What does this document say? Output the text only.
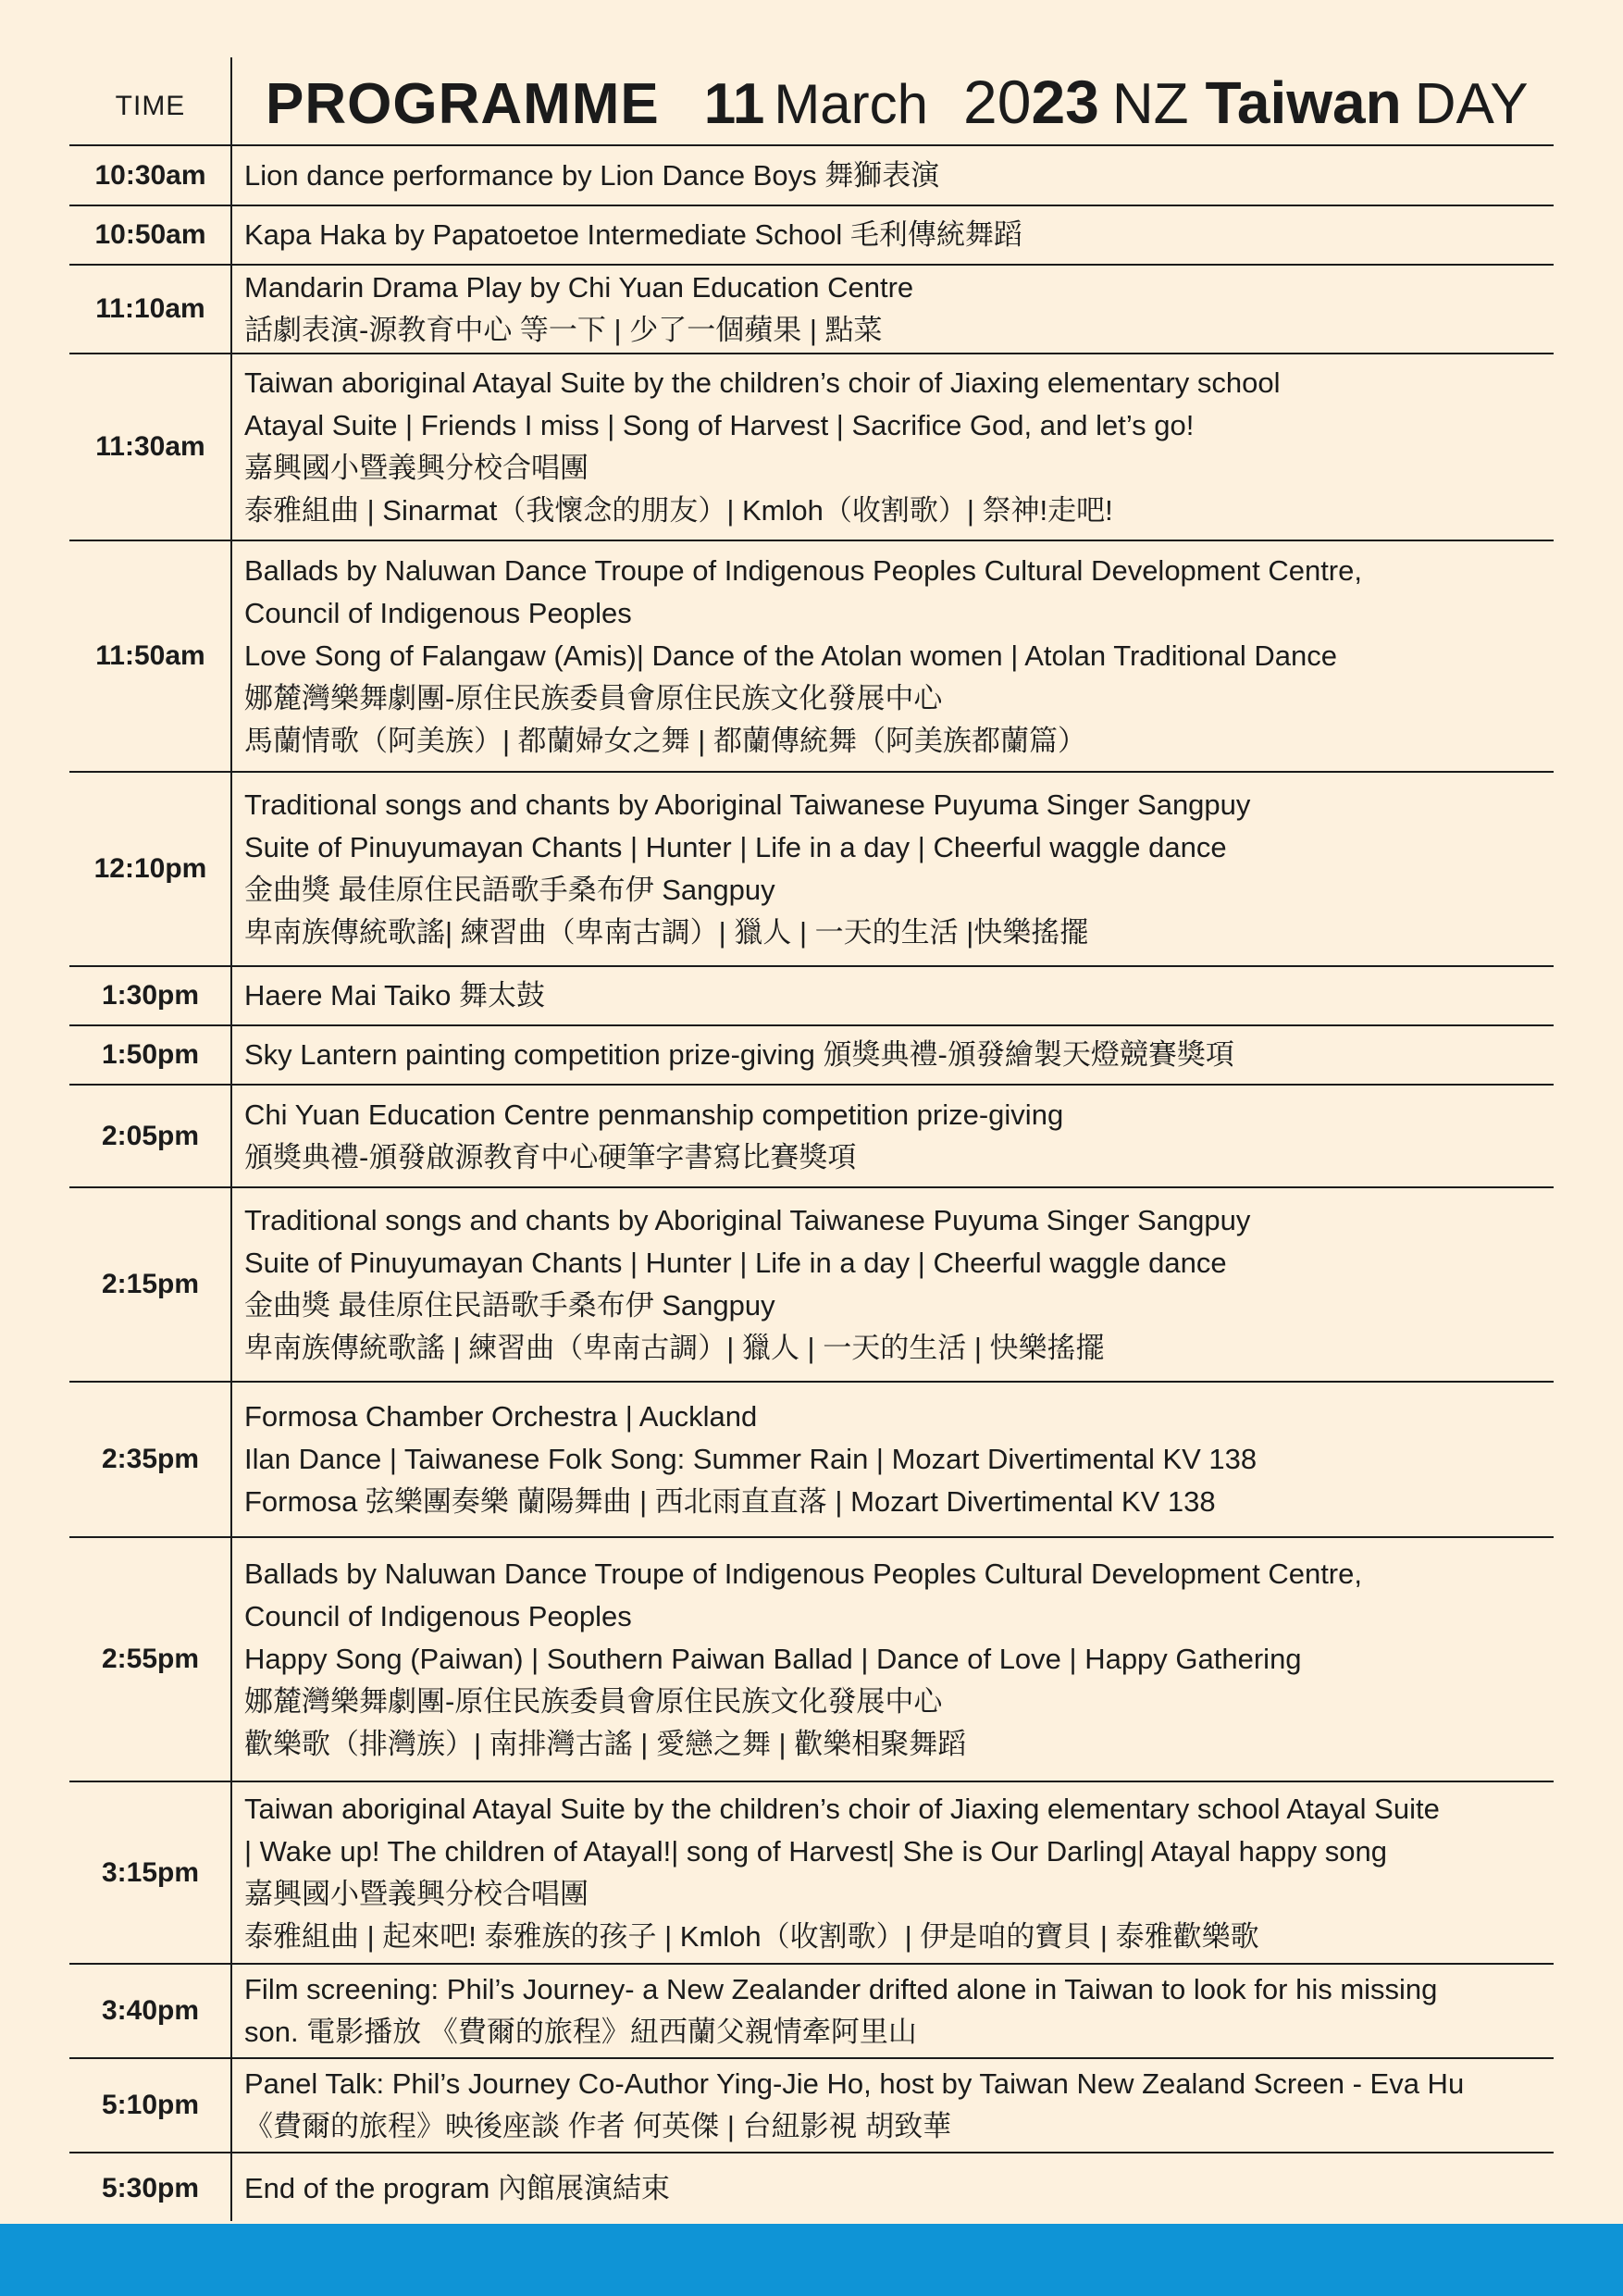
TIME	PROGRAMME 11 March 2023 NZ Taiwan DAY
10:30am	Lion dance performance by Lion Dance Boys 舞獅表演
10:50am	Kapa Haka by Papatoetoe Intermediate School 毛利傳統舞蹈
11:10am
Mandarin Drama Play by Chi Yuan Education Centre
話劇表演-源教育中心 等一下 | 少了一個蘋果 | 點菜
11:30am
Taiwan aboriginal Atayal Suite by the children’s choir of Jiaxing elementary school
Atayal Suite | Friends I miss | Song of Harvest | Sacrifice God, and let’s go!
嘉興國小暨義興分校合唱團
泰雅組曲 | Sinarmat（我懷念的朋友）| Kmloh（收割歌）| 祭神!走吧!
11:50am
Ballads by Naluwan Dance Troupe of Indigenous Peoples Cultural Development Centre,
Council of Indigenous Peoples
Love Song of Falangaw (Amis)| Dance of the Atolan women | Atolan Traditional Dance
娜麓灣樂舞劇團-原住民族委員會原住民族文化發展中心
馬蘭情歌（阿美族）| 都蘭婦女之舞 | 都蘭傳統舞（阿美族都蘭篇）
12:10pm
Traditional songs and chants by Aboriginal Taiwanese Puyuma Singer Sangpuy
Suite of Pinuyumayan Chants | Hunter | Life in a day | Cheerful waggle dance
金曲獎 最佳原住民語歌手桑布伊 Sangpuy
卑南族傳統歌謠| 練習曲（卑南古調）| 獵人 | 一天的生活 |快樂搖擺
1:30pm	Haere Mai Taiko 舞太鼓
1:50pm	Sky Lantern painting competition prize-giving 頒獎典禮-頒發繪製天燈競賽獎項
2:05pm
Chi Yuan Education Centre penmanship competition prize-giving
頒獎典禮-頒發啟源教育中心硬筆字書寫比賽獎項
2:15pm
Traditional songs and chants by Aboriginal Taiwanese Puyuma Singer Sangpuy
Suite of Pinuyumayan Chants | Hunter | Life in a day | Cheerful waggle dance
金曲獎 最佳原住民語歌手桑布伊 Sangpuy
卑南族傳統歌謠 | 練習曲（卑南古調）| 獵人 | 一天的生活 | 快樂搖擺
2:35pm
Formosa Chamber Orchestra | Auckland
Ilan Dance | Taiwanese Folk Song: Summer Rain | Mozart Divertimental KV 138
Formosa 弦樂團奏樂 蘭陽舞曲 | 西北雨直直落 | Mozart Divertimental KV 138
2:55pm
Ballads by Naluwan Dance Troupe of Indigenous Peoples Cultural Development Centre,
Council of Indigenous Peoples
Happy Song (Paiwan) | Southern Paiwan Ballad | Dance of Love | Happy Gathering
娜麓灣樂舞劇團-原住民族委員會原住民族文化發展中心
歡樂歌（排灣族）| 南排灣古謠 | 愛戀之舞 | 歡樂相聚舞蹈
3:15pm
Taiwan aboriginal Atayal Suite by the children’s choir of Jiaxing elementary school Atayal Suite
| Wake up! The children of Atayal!| song of Harvest| She is Our Darling| Atayal happy song
嘉興國小暨義興分校合唱團
泰雅組曲 | 起來吧! 泰雅族的孩子 | Kmloh（收割歌）| 伊是咱的寶貝 | 泰雅歡樂歌
3:40pm
Film screening: Phil’s Journey- a New Zealander drifted alone in Taiwan to look for his missing
son. 電影播放 《費爾的旅程》紐西蘭父親情牽阿里山
5:10pm
Panel Talk: Phil’s Journey Co-Author Ying-Jie Ho, host by Taiwan New Zealand Screen - Eva Hu
《費爾的旅程》映後座談 作者 何英傑 | 台紐影視 胡致華
5:30pm	End of the program 內館展演結束
